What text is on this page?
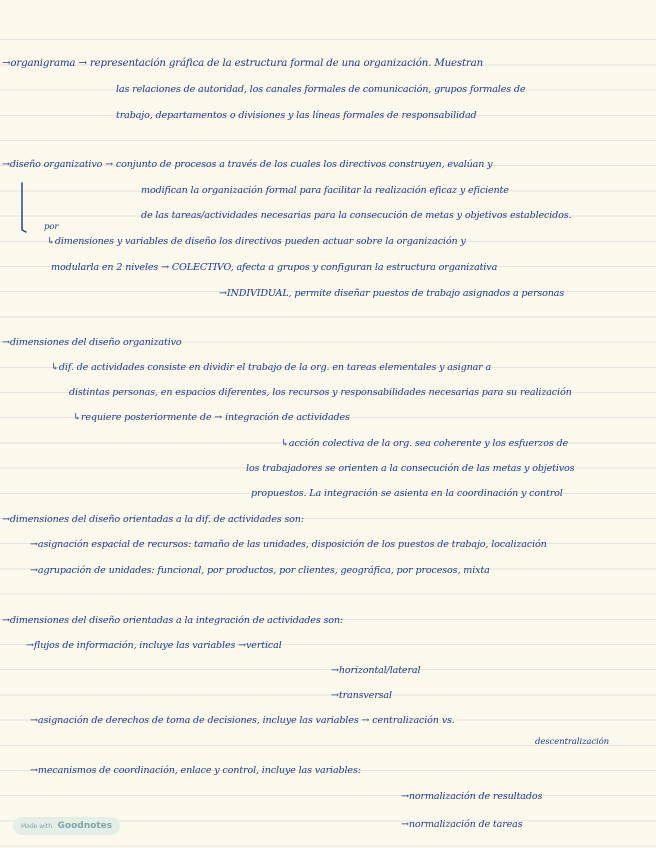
→organigrama → representación gráfica de la estructura formal de una organización. Muestran
las relaciones de autoridad, los canales formales de comunicación, grupos formales de
trabajo, departamentos o divisiones y las líneas formales de responsabilidad
→diseño organizativo → conjunto de procesos a través de los cuales los directivos construyen, evalúan y
modifican la organización formal para facilitar la realización eficaz y eficiente
de las tareas/actividades necesarias para la consecución de metas y objetivos establecidos.
por
↳dimensiones y variables de diseño los directivos pueden actuar sobre la organización y
modularla en 2 niveles → COLECTIVO, afecta a grupos y configuran la estructura organizativa
→INDIVIDUAL, permite diseñar puestos de trabajo asignados a personas
→dimensiones del diseño organizativo
↳dif. de actividades consiste en dividir el trabajo de la org. en tareas elementales y asignar a
distintas personas, en espacios diferentes, los recursos y responsabilidades necesarias para su realización
↳requiere posteriormente de → integración de actividades
↳acción colectiva de la org. sea coherente y los esfuerzos de
los trabajadores se orienten a la consecución de las metas y objetivos
propuestos. La integración se asienta en la coordinación y control
→dimensiones del diseño orientadas a la dif. de actividades son:
→asignación espacial de recursos: tamaño de las unidades, disposición de los puestos de trabajo, localización
→agrupación de unidades: funcional, por productos, por clientes, geográfica, por procesos, mixta
→dimensiones del diseño orientadas a la integración de actividades son:
→flujos de información, incluye las variables →vertical
→horizontal/lateral
→transversal
→asignación de derechos de toma de decisiones, incluye las variables → centralización vs.
descentralización
→mecanismos de coordinación, enlace y control, incluye las variables:
→normalización de resultados
→normalización de tareas
Made with Goodnotes
